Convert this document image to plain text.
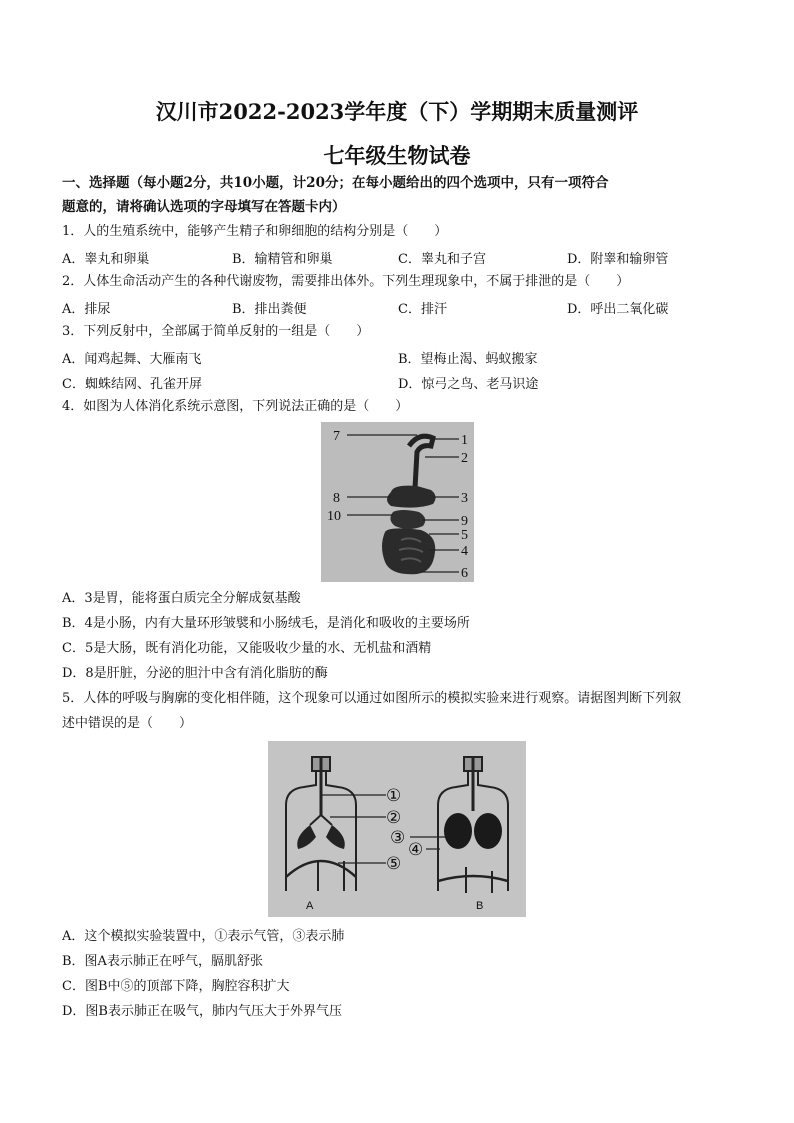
汉川市2022-2023学年度（下）学期期末质量测评
七年级生物试卷
一、选择题（每小题2分，共10小题，计20分；在每小题给出的四个选项中，只有一项符合
题意的，请将确认选项的字母填写在答题卡内）
1．人的生殖系统中，能够产生精子和卵细胞的结构分别是（　　）
A．睾丸和卵巢	B．输精管和卵巢	C．睾丸和子宫	D．附睾和输卵管
2．人体生命活动产生的各种代谢废物，需要排出体外。下列生理现象中，不属于排泄的是（　　）
A．排尿	B．排出粪便	C．排汗	D．呼出二氧化碳
3．下列反射中，全部属于简单反射的一组是（　　）
A．闻鸡起舞、大雁南飞	B．望梅止渴、蚂蚁搬家
C．蜘蛛结网、孔雀开屏	D．惊弓之鸟、老马识途
4．如图为人体消化系统示意图，下列说法正确的是（　　）
7	1
2
8	3
10	9
5
4
6
A．3是胃，能将蛋白质完全分解成氨基酸
B．4是小肠，内有大量环形皱襞和小肠绒毛，是消化和吸收的主要场所
C．5是大肠，既有消化功能，又能吸收少量的水、无机盐和酒精
D．8是肝脏，分泌的胆汁中含有消化脂肪的酶
5．人体的呼吸与胸廓的变化相伴随，这个现象可以通过如图所示的模拟实验来进行观察。请据图判断下列叙
述中错误的是（　　）
①
②
③
④
⑤
A	B
A．这个模拟实验装置中，①表示气管，③表示肺
B．图A表示肺正在呼气，膈肌舒张
C．图B中⑤的顶部下降，胸腔容积扩大
D．图B表示肺正在吸气，肺内气压大于外界气压
